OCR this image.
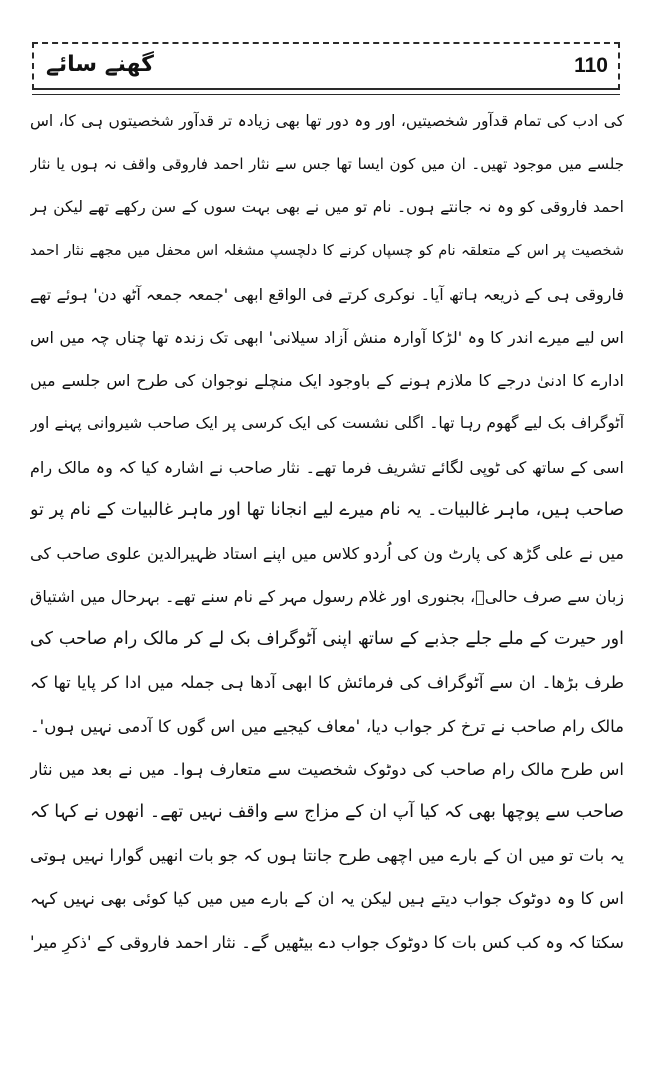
گھنے سائے	110
کی ادب کی تمام قدآور شخصیتیں، اور وہ دور تھا بھی زیادہ تر قدآور شخصیتوں ہی کا، اس
جلسے میں موجود تھیں۔ ان میں کون ایسا تھا جس سے نثار احمد فاروقی واقف نہ ہوں یا نثار
احمد فاروقی کو وہ نہ جانتے ہوں۔ نام تو میں نے بھی بہت سوں کے سن رکھے تھے لیکن ہر
شخصیت پر اس کے متعلقہ نام کو چسپاں کرنے کا دلچسپ مشغلہ اس محفل میں مجھے نثار احمد
فاروقی ہی کے ذریعہ ہاتھ آیا۔ نوکری کرتے فی الواقع ابھی 'جمعہ جمعہ آٹھ دن' ہوئے تھے
اس لیے میرے اندر کا وہ 'لڑکا آوارہ منش آزاد سیلانی' ابھی تک زندہ تھا چناں چہ میں اس
ادارے کا ادنیٰ درجے کا ملازم ہونے کے باوجود ایک منچلے نوجوان کی طرح اس جلسے میں
آٹوگراف بک لیے گھوم رہا تھا۔ اگلی نشست کی ایک کرسی پر ایک صاحب شیروانی پہنے اور
اسی کے ساتھ کی ٹوپی لگائے تشریف فرما تھے۔ نثار صاحب نے اشارہ کیا کہ وہ مالک رام
صاحب ہیں، ماہر غالبیات۔ یہ نام میرے لیے انجانا تھا اور ماہر غالبیات کے نام پر تو
میں نے علی گڑھ کی پارٹ ون کی اُردو کلاس میں اپنے استاد ظہیرالدین علوی صاحب کی
زبان سے صرف حالیؔ، بجنوری اور غلام رسول مہر کے نام سنے تھے۔ بہرحال میں اشتیاق
اور حیرت کے ملے جلے جذبے کے ساتھ اپنی آٹوگراف بک لے کر مالک رام صاحب کی
طرف بڑھا۔ ان سے آٹوگراف کی فرمائش کا ابھی آدھا ہی جملہ میں ادا کر پایا تھا کہ
مالک رام صاحب نے ترخ کر جواب دیا، 'معاف کیجیے میں اس گوں کا آدمی نہیں ہوں'۔
اس طرح مالک رام صاحب کی دوٹوک شخصیت سے متعارف ہوا۔ میں نے بعد میں نثار
صاحب سے پوچھا بھی کہ کیا آپ ان کے مزاج سے واقف نہیں تھے۔ انھوں نے کہا کہ
یہ بات تو میں ان کے بارے میں اچھی طرح جانتا ہوں کہ جو بات انھیں گوارا نہیں ہوتی
اس کا وہ دوٹوک جواب دیتے ہیں لیکن یہ ان کے بارے میں میں کیا کوئی بھی نہیں کہہ
سکتا کہ وہ کب کس بات کا دوٹوک جواب دے بیٹھیں گے۔ نثار احمد فاروقی کے 'ذکرِ میر'
